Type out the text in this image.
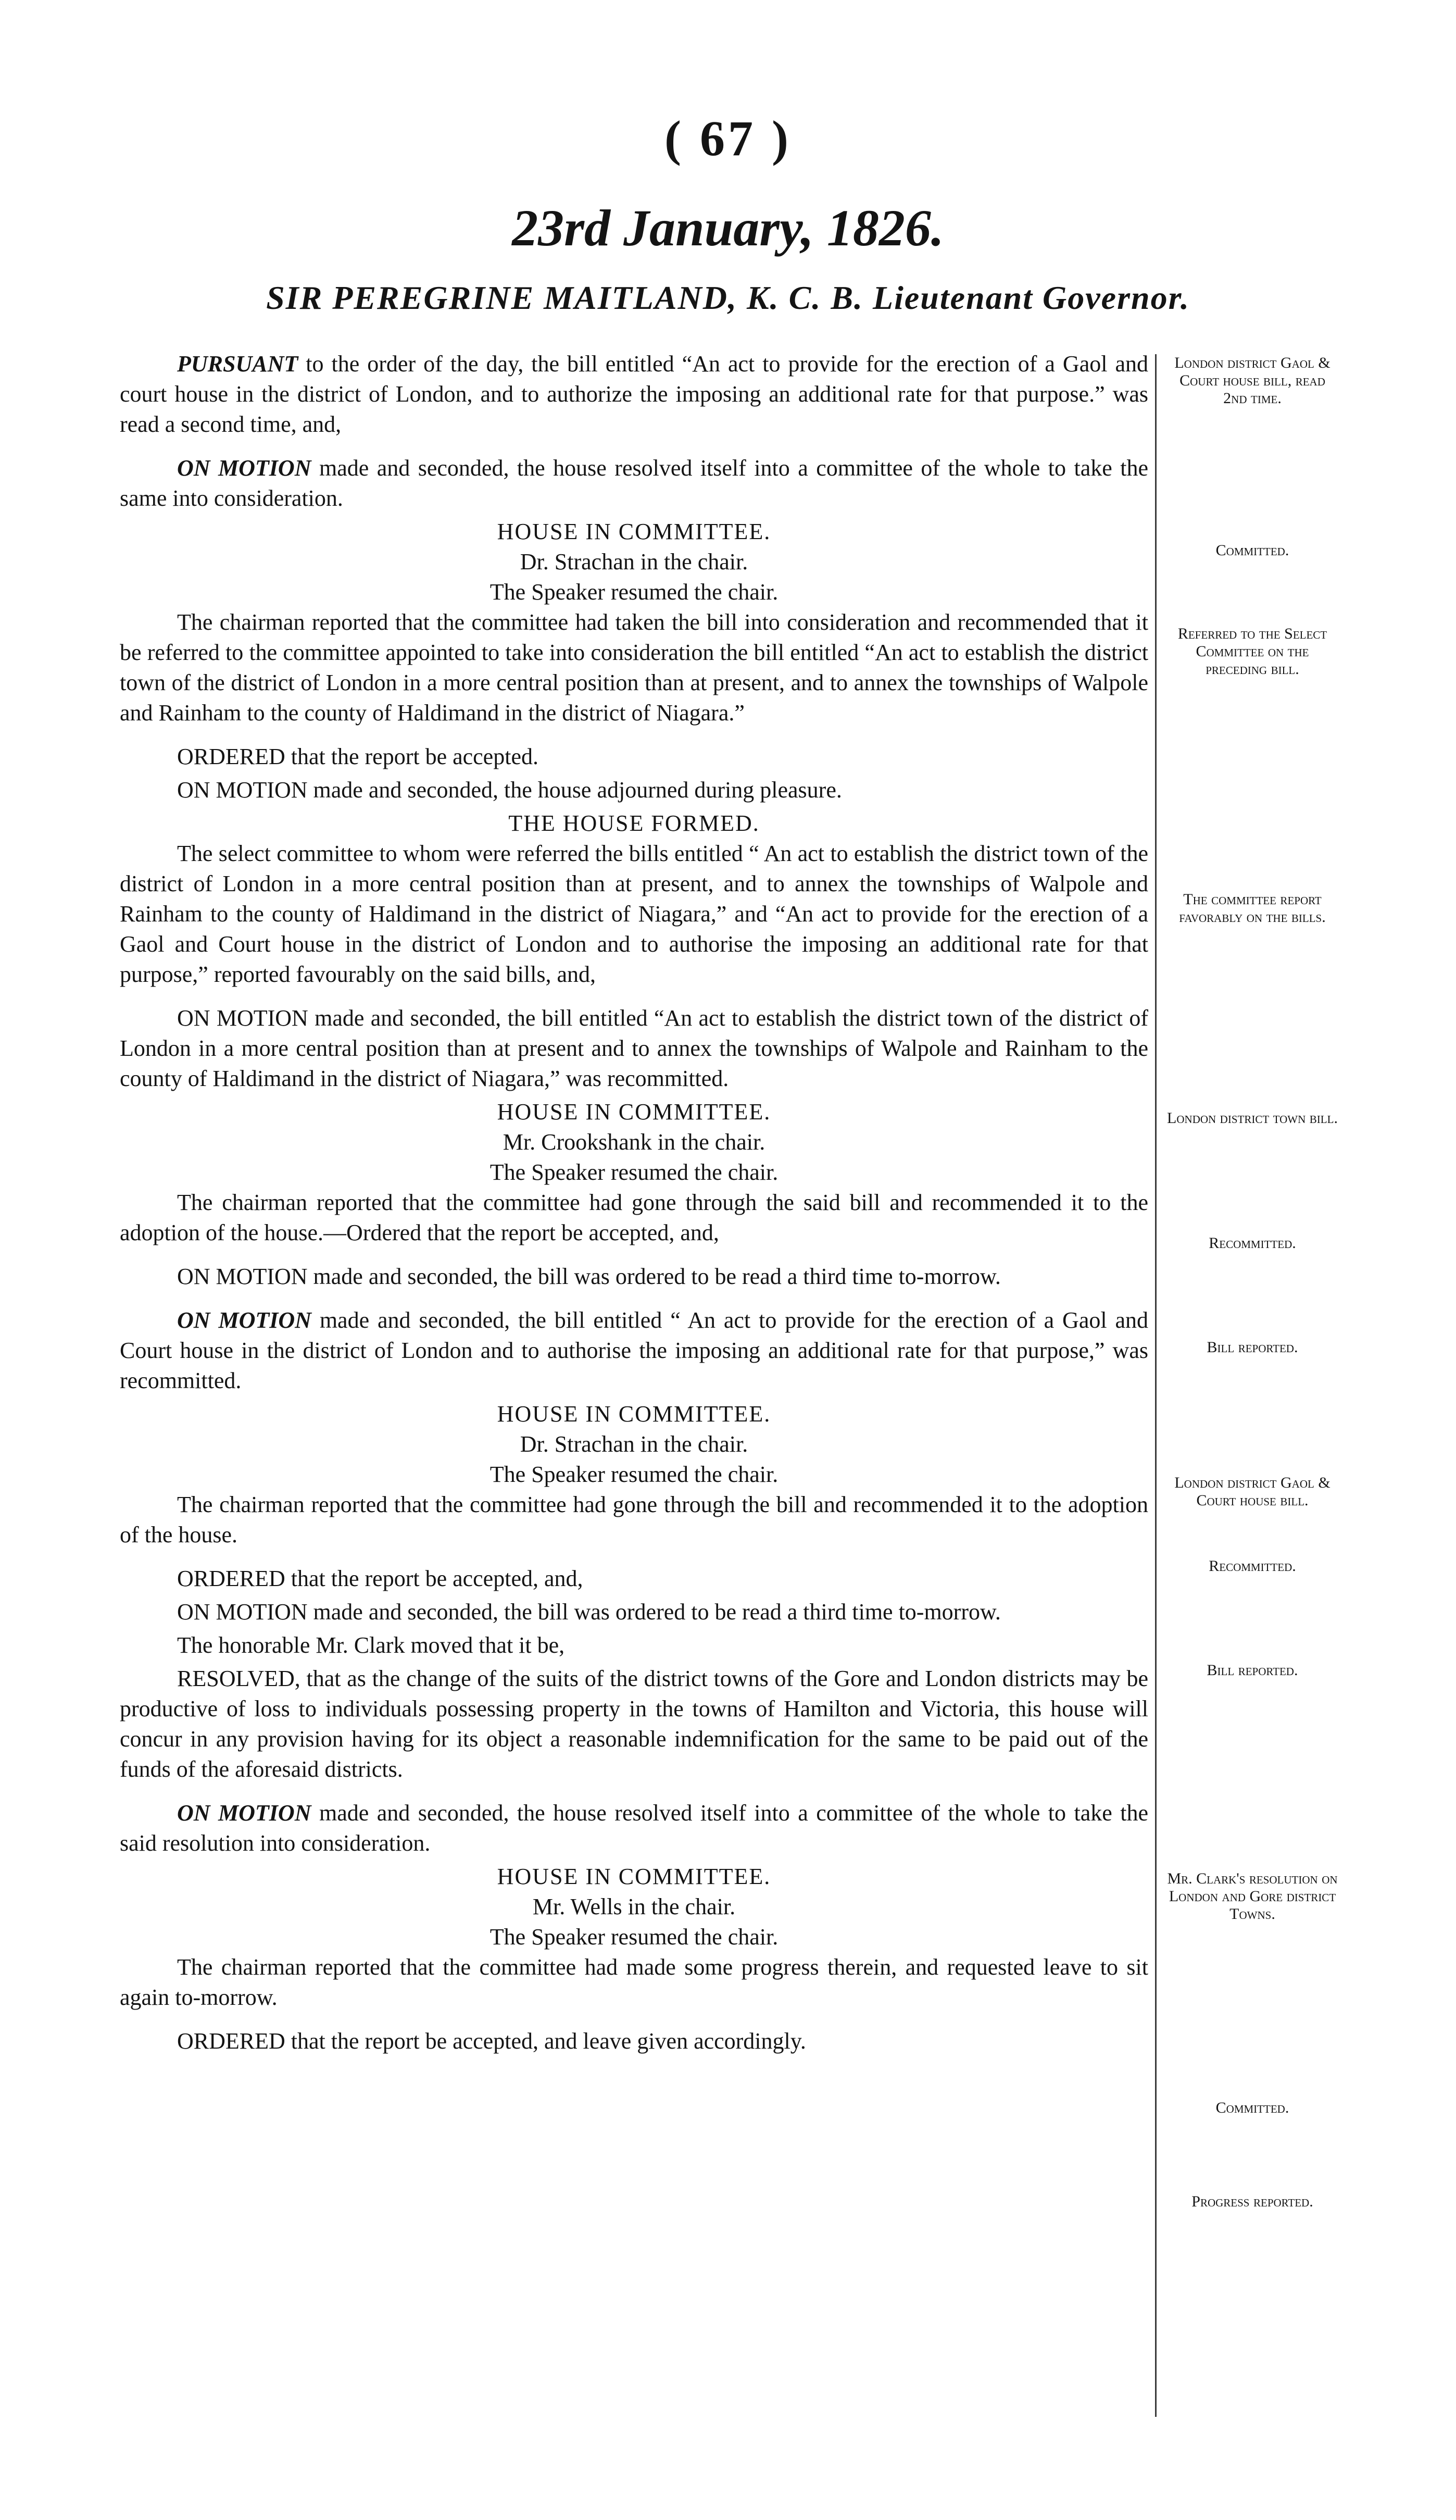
( 67 )
23rd January, 1826.
SIR PEREGRINE MAITLAND, K. C. B. Lieutenant Governor.

PURSUANT to the order of the day, the bill entitled “An act to provide for the erection of a Gaol and court house in the district of London, and to authorize the imposing an additional rate for that purpose.” was read a second time, and,

ON MOTION made and seconded, the house resolved itself into a committee of the whole to take the same into consideration.

HOUSE IN COMMITTEE.

Dr. Strachan in the chair.

The Speaker resumed the chair.

The chairman reported that the committee had taken the bill into consideration and recommended that it be referred to the committee appointed to take into consideration the bill entitled “An act to establish the district town of the district of London in a more central position than at present, and to annex the townships of Walpole and Rainham to the county of Haldimand in the district of Niagara.”

ORDERED that the report be accepted.

ON MOTION made and seconded, the house adjourned during pleasure.

THE HOUSE FORMED.

The select committee to whom were referred the bills entitled “ An act to establish the district town of the district of London in a more central position than at present, and to annex the townships of Walpole and Rainham to the county of Haldimand in the district of Niagara,” and “An act to provide for the erection of a Gaol and Court house in the district of London and to authorise the imposing an additional rate for that purpose,” reported favourably on the said bills, and,

ON MOTION made and seconded, the bill entitled “An act to establish the district town of the district of London in a more central position than at present and to annex the townships of Walpole and Rainham to the county of Haldimand in the district of Niagara,” was recommitted.

HOUSE IN COMMITTEE.

Mr. Crookshank in the chair.

The Speaker resumed the chair.

The chairman reported that the committee had gone through the said bill and recommended it to the adoption of the house.—Ordered that the report be accepted, and,

ON MOTION made and seconded, the bill was ordered to be read a third time to-morrow.

ON MOTION made and seconded, the bill entitled “ An act to provide for the erection of a Gaol and Court house in the district of London and to authorise the imposing an additional rate for that purpose,” was recommitted.

HOUSE IN COMMITTEE.

Dr. Strachan in the chair.

The Speaker resumed the chair.

The chairman reported that the committee had gone through the bill and recommended it to the adoption of the house.

ORDERED that the report be accepted, and,

ON MOTION made and seconded, the bill was ordered to be read a third time to-morrow.

The honorable Mr. Clark moved that it be,

RESOLVED, that as the change of the suits of the district towns of the Gore and London districts may be productive of loss to individuals possessing property in the towns of Hamilton and Victoria, this house will concur in any provision having for its object a reasonable indemnification for the same to be paid out of the funds of the aforesaid districts.

ON MOTION made and seconded, the house resolved itself into a committee of the whole to take the said resolution into consideration.

HOUSE IN COMMITTEE.

Mr. Wells in the chair.

The Speaker resumed the chair.

The chairman reported that the committee had made some progress therein, and requested leave to sit again to-morrow.

ORDERED that the report be accepted, and leave given accordingly.

London district Gaol & Court house bill, read 2nd time.
Committed.
Referred to the Select Committee on the preceding bill.
The committee report favorably on the bills.
London district town bill.
Recommitted.
Bill reported.
London district Gaol & Court house bill.
Recommitted.
Bill reported.
Mr. Clark's resolution on London and Gore district Towns.
Committed.
Progress reported.
